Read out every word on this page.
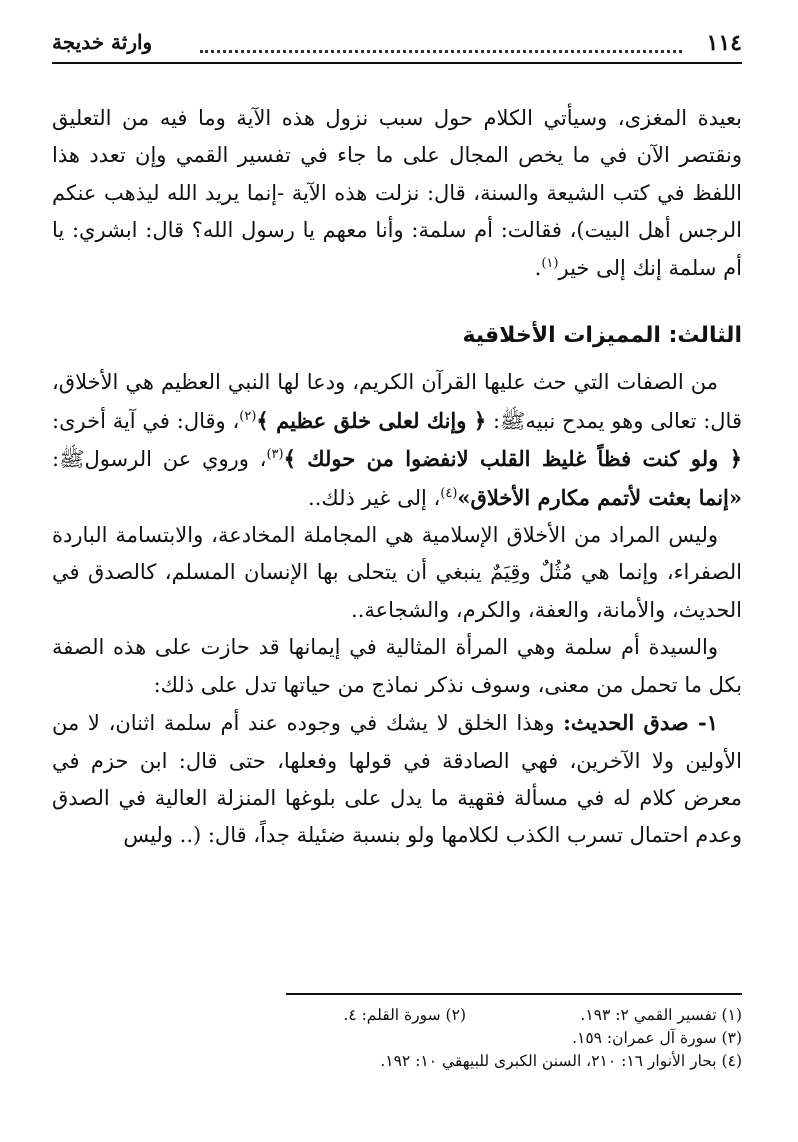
١١٤
وارثة خديجة

بعيدة المغزى، وسيأتي الكلام حول سبب نزول هذه الآية وما فيه من التعليق ونقتصر الآن في ما يخص المجال على ما جاء في تفسير القمي وإن تعدد هذا اللفظ في كتب الشيعة والسنة، قال: نزلت هذه الآية -إنما يريد الله ليذهب عنكم الرجس أهل البيت)، فقالت: أم سلمة: وأنا معهم يا رسول الله؟ قال: ابشري: يا أم سلمة إنك إلى خير$^{(١)}$.

الثالث: المميزات الأخلاقية

من الصفات التي حث عليها القرآن الكريم، ودعا لها النبي العظيم هي الأخلاق، قال: تعالى وهو يمدح نبيهﷺ: ﴿ وإنك لعلى خلق عظيم ﴾$^{(٢)}$، وقال: في آية أخرى: ﴿ ولو كنت فظاً غليظ القلب لانفضوا من حولك ﴾$^{(٣)}$، وروي عن الرسولﷺ: «إنما بعثت لأتمم مكارم الأخلاق»$^{(٤)}$، إلى غير ذلك..

وليس المراد من الأخلاق الإسلامية هي المجاملة المخادعة، والابتسامة الباردة الصفراء، وإنما هي مُثُلٌ وقِيَمٌ ينبغي أن يتحلى بها الإنسان المسلم، كالصدق في الحديث، والأمانة، والعفة، والكرم، والشجاعة..

والسيدة أم سلمة وهي المرأة المثالية في إيمانها قد حازت على هذه الصفة بكل ما تحمل من معنى، وسوف نذكر نماذج من حياتها تدل على ذلك:

١- صدق الحديث: وهذا الخلق لا يشك في وجوده عند أم سلمة اثنان، لا من الأولين ولا الآخرين، فهي الصادقة في قولها وفعلها، حتى قال: ابن حزم في معرض كلام له في مسألة فقهية ما يدل على بلوغها المنزلة العالية في الصدق وعدم احتمال تسرب الكذب لكلامها ولو بنسبة ضئيلة جداً، قال: (.. وليس

(١) تفسير القمي ٢: ١٩٣.
(٢) سورة القلم: ٤.
(٣) سورة آل عمران: ١٥٩.
(٤) بحار الأنوار ١٦: ٢١٠، السنن الكبرى للبيهقي ١٠: ١٩٢.
